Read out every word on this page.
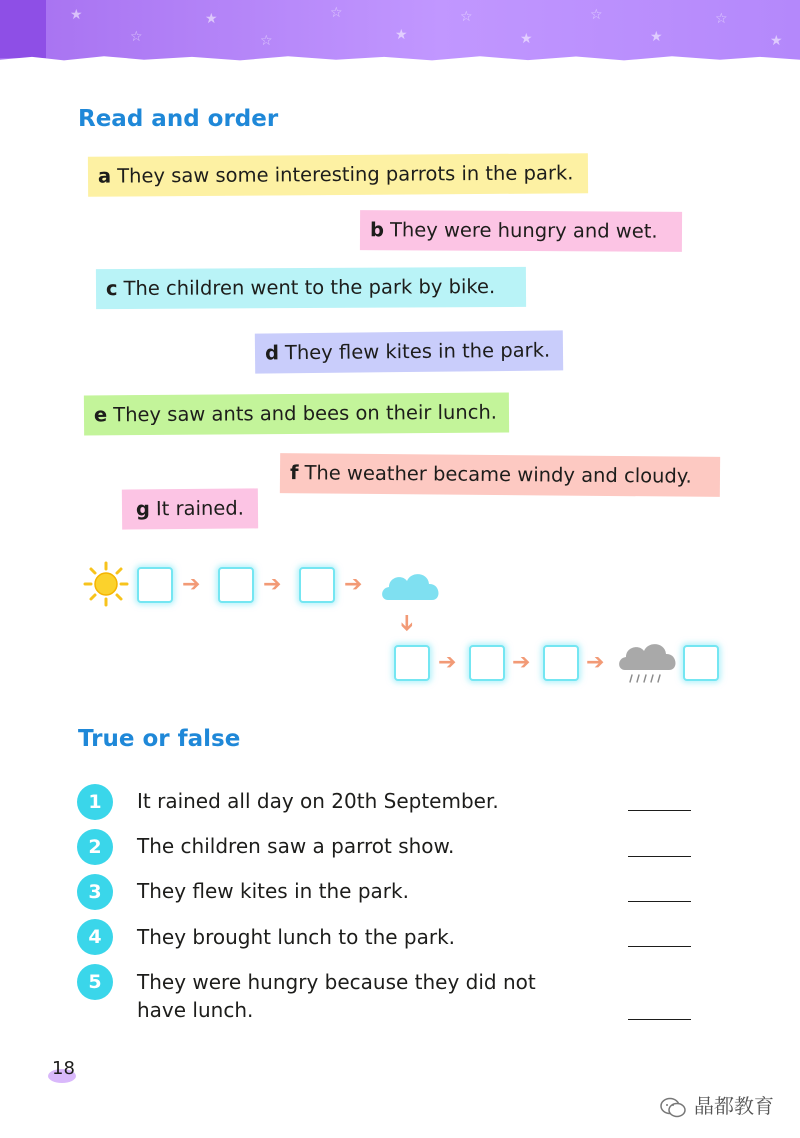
★
☆
★
☆
☆
★
☆
★
☆
★
☆
★
Read and order
a They saw some interesting parrots in the park.
b They were hungry and wet.
c The children went to the park by bike.
d They flew kites in the park.
e They saw ants and bees on their lunch.
f The weather became windy and cloudy.
g It rained.
➔	➔	➔
➔
➔	➔	➔
True or false
1	It rained all day on 20th September.
2	The children saw a parrot show.
3	They flew kites in the park.
4	They brought lunch to the park.
5	They were hungry because they did not have lunch.
18
晶都教育
